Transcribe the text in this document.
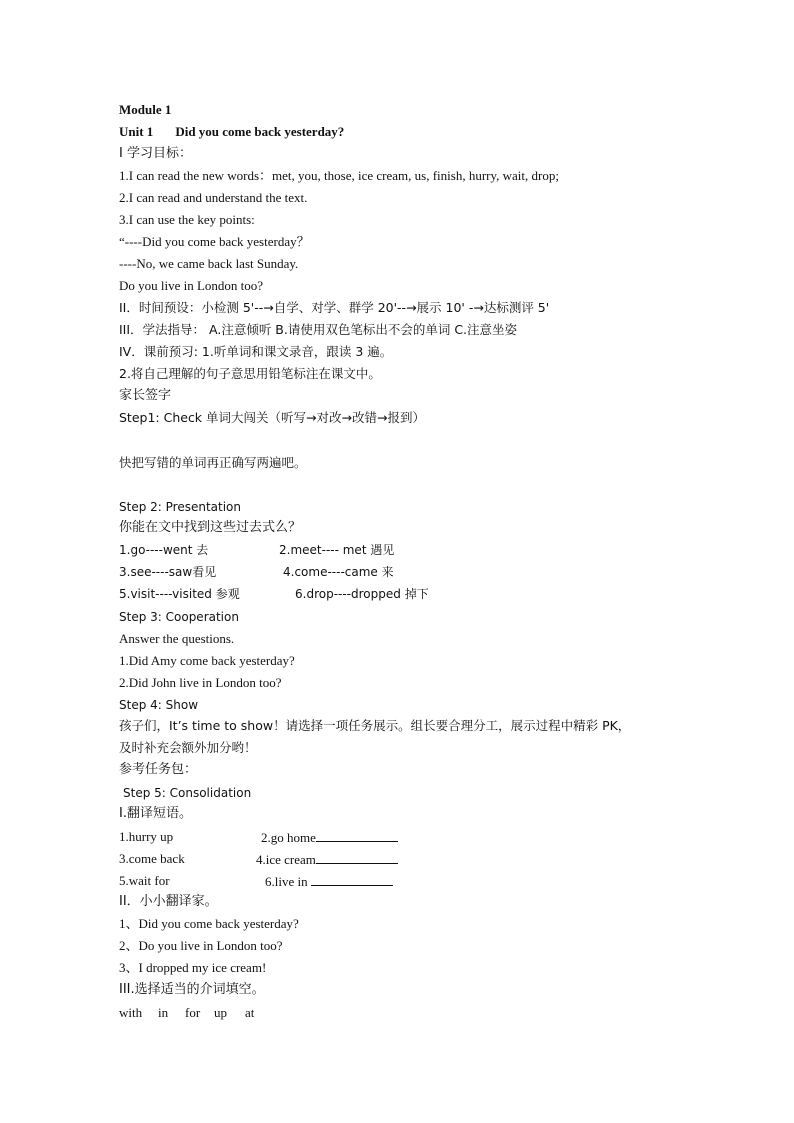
Module 1
Unit 1 Did you come back yesterday?
I 学习目标：
1.I can read the new words：met, you, those, ice cream, us, finish, hurry, wait, drop;
2.I can read and understand the text.
3.I can use the key points:
“----Did you come back yesterday？
----No, we came back last Sunday.
Do you live in London too?
II．时间预设：小检测 5'--→自学、对学、群学 20'--→展示 10' -→达标测评 5'
III．学法指导： A.注意倾听 B.请使用双色笔标出不会的单词 C.注意坐姿
IV．课前预习: 1.听单词和课文录音，跟读 3 遍。
2.将自己理解的句子意思用铅笔标注在课文中。
家长签字
Step1: Check 单词大闯关（听写→对改→改错→报到）
快把写错的单词再正确写两遍吧。
Step 2: Presentation
你能在文中找到这些过去式么？
1.go----went 去	2.meet---- met 遇见
3.see----saw看见	4.come----came 来
5.visit----visited 参观	6.drop----dropped 掉下
Step 3: Cooperation
Answer the questions.
1.Did Amy come back yesterday?
2.Did John live in London too?
Step 4: Show
孩子们，It’s time to show！请选择一项任务展示。组长要合理分工，展示过程中精彩 PK，
及时补充会额外加分哟！
参考任务包：
Step 5: Consolidation
I.翻译短语。
1.hurry up	2.go home
3.come back	4.ice cream
5.wait for	6.live in
II．小小翻译家。
1、Did you come back yesterday?
2、Do you live in London too?
3、I dropped my ice cream!
III.选择适当的介词填空。
with in for up at
